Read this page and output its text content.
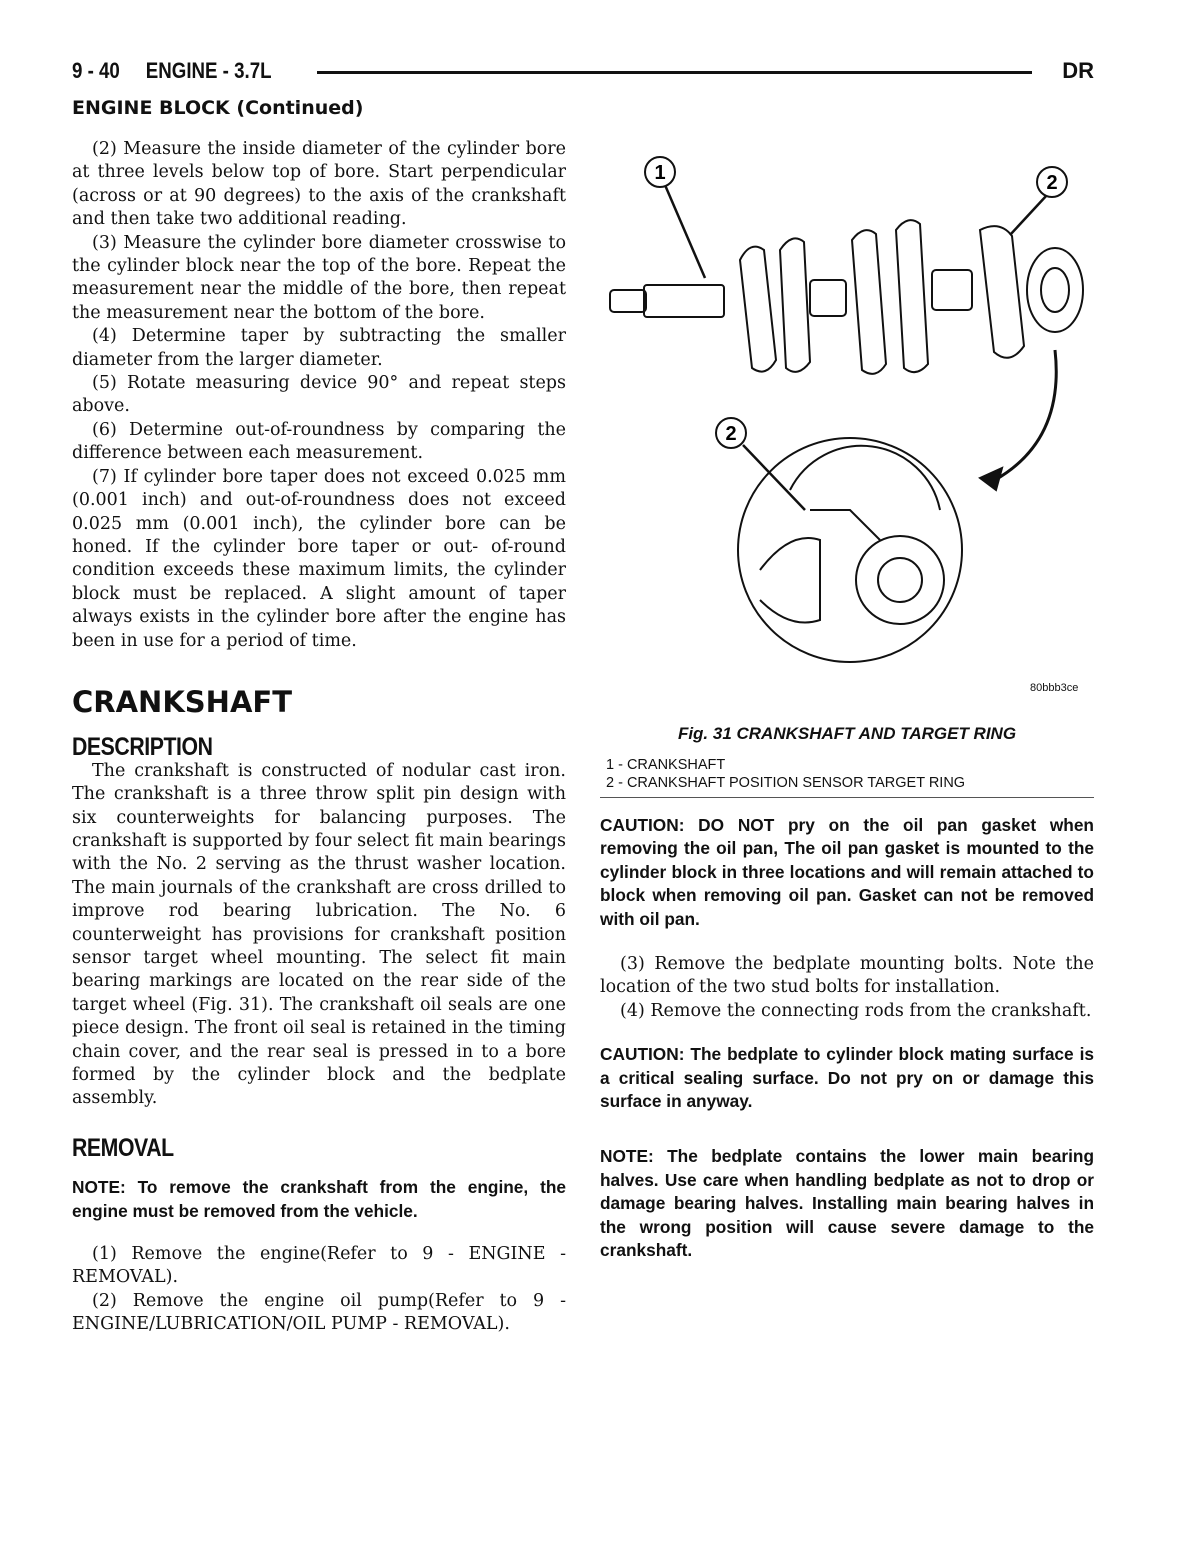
9 - 40     ENGINE - 3.7L	DR
ENGINE BLOCK (Continued)

(2) Measure the inside diameter of the cylinder bore at three levels below top of bore. Start perpendicular (across or at 90 degrees) to the axis of the crankshaft and then take two additional reading.

(3) Measure the cylinder bore diameter crosswise to the cylinder block near the top of the bore. Repeat the measurement near the middle of the bore, then repeat the measurement near the bottom of the bore.

(4) Determine taper by subtracting the smaller diameter from the larger diameter.

(5) Rotate measuring device 90° and repeat steps above.

(6) Determine out-of-roundness by comparing the difference between each measurement.

(7) If cylinder bore taper does not exceed 0.025 mm (0.001 inch) and out-of-roundness does not exceed 0.025 mm (0.001 inch), the cylinder bore can be honed. If the cylinder bore taper or out- of-round condition exceeds these maximum limits, the cylinder block must be replaced. A slight amount of taper always exists in the cylinder bore after the engine has been in use for a period of time.

CRANKSHAFT
DESCRIPTION

The crankshaft is constructed of nodular cast iron. The crankshaft is a three throw split pin design with six counterweights for balancing purposes. The crankshaft is supported by four select fit main bearings with the No. 2 serving as the thrust washer location. The main journals of the crankshaft are cross drilled to improve rod bearing lubrication. The No. 6 counterweight has provisions for crankshaft position sensor target wheel mounting. The select fit main bearing markings are located on the rear side of the target wheel (Fig. 31). The crankshaft oil seals are one piece design. The front oil seal is retained in the timing chain cover, and the rear seal is pressed in to a bore formed by the cylinder block and the bedplate assembly.

REMOVAL

NOTE: To remove the crankshaft from the engine, the engine must be removed from the vehicle.

(1) Remove the engine(Refer to 9 - ENGINE - REMOVAL).

(2) Remove the engine oil pump(Refer to 9 - ENGINE/LUBRICATION/OIL PUMP - REMOVAL).

1	2
2
80bbb3ce
Fig. 31 CRANKSHAFT AND TARGET RING
1 - CRANKSHAFT
2 - CRANKSHAFT POSITION SENSOR TARGET RING

CAUTION: DO NOT pry on the oil pan gasket when removing the oil pan, The oil pan gasket is mounted to the cylinder block in three locations and will remain attached to block when removing oil pan. Gasket can not be removed with oil pan.

(3) Remove the bedplate mounting bolts. Note the location of the two stud bolts for installation.

(4) Remove the connecting rods from the crankshaft.

CAUTION: The bedplate to cylinder block mating surface is a critical sealing surface. Do not pry on or damage this surface in anyway.

NOTE: The bedplate contains the lower main bearing halves. Use care when handling bedplate as not to drop or damage bearing halves. Installing main bearing halves in the wrong position will cause severe damage to the crankshaft.
